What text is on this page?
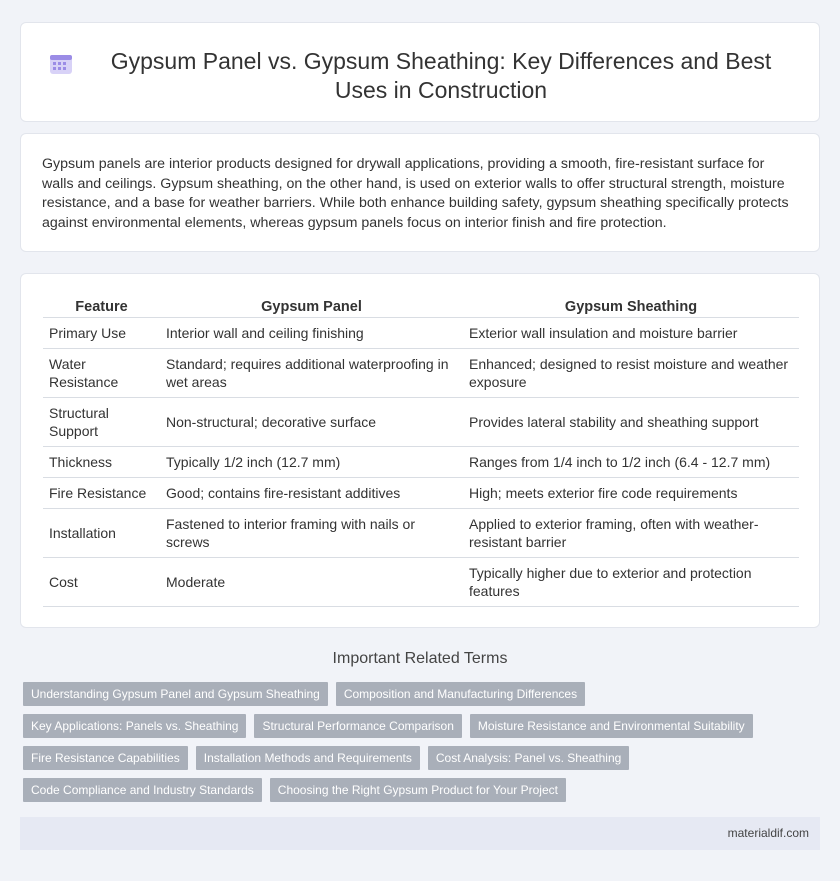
Gypsum Panel vs. Gypsum Sheathing: Key Differences and Best Uses in Construction

Gypsum panels are interior products designed for drywall applications, providing a smooth, fire-resistant surface for walls and ceilings. Gypsum sheathing, on the other hand, is used on exterior walls to offer structural strength, moisture resistance, and a base for weather barriers. While both enhance building safety, gypsum sheathing specifically protects against environmental elements, whereas gypsum panels focus on interior finish and fire protection.

Feature	Gypsum Panel	Gypsum Sheathing
Primary Use	Interior wall and ceiling finishing	Exterior wall insulation and moisture barrier
Water Resistance	Standard; requires additional waterproofing in wet areas	Enhanced; designed to resist moisture and weather exposure
Structural Support	Non-structural; decorative surface	Provides lateral stability and sheathing support
Thickness	Typically 1/2 inch (12.7 mm)	Ranges from 1/4 inch to 1/2 inch (6.4 - 12.7 mm)
Fire Resistance	Good; contains fire-resistant additives	High; meets exterior fire code requirements
Installation	Fastened to interior framing with nails or screws	Applied to exterior framing, often with weather-resistant barrier
Cost	Moderate	Typically higher due to exterior and protection features
Important Related Terms
Understanding Gypsum Panel and Gypsum Sheathing	Composition and Manufacturing Differences
Key Applications: Panels vs. Sheathing	Structural Performance Comparison	Moisture Resistance and Environmental Suitability
Fire Resistance Capabilities	Installation Methods and Requirements	Cost Analysis: Panel vs. Sheathing
Code Compliance and Industry Standards	Choosing the Right Gypsum Product for Your Project
materialdif.com
